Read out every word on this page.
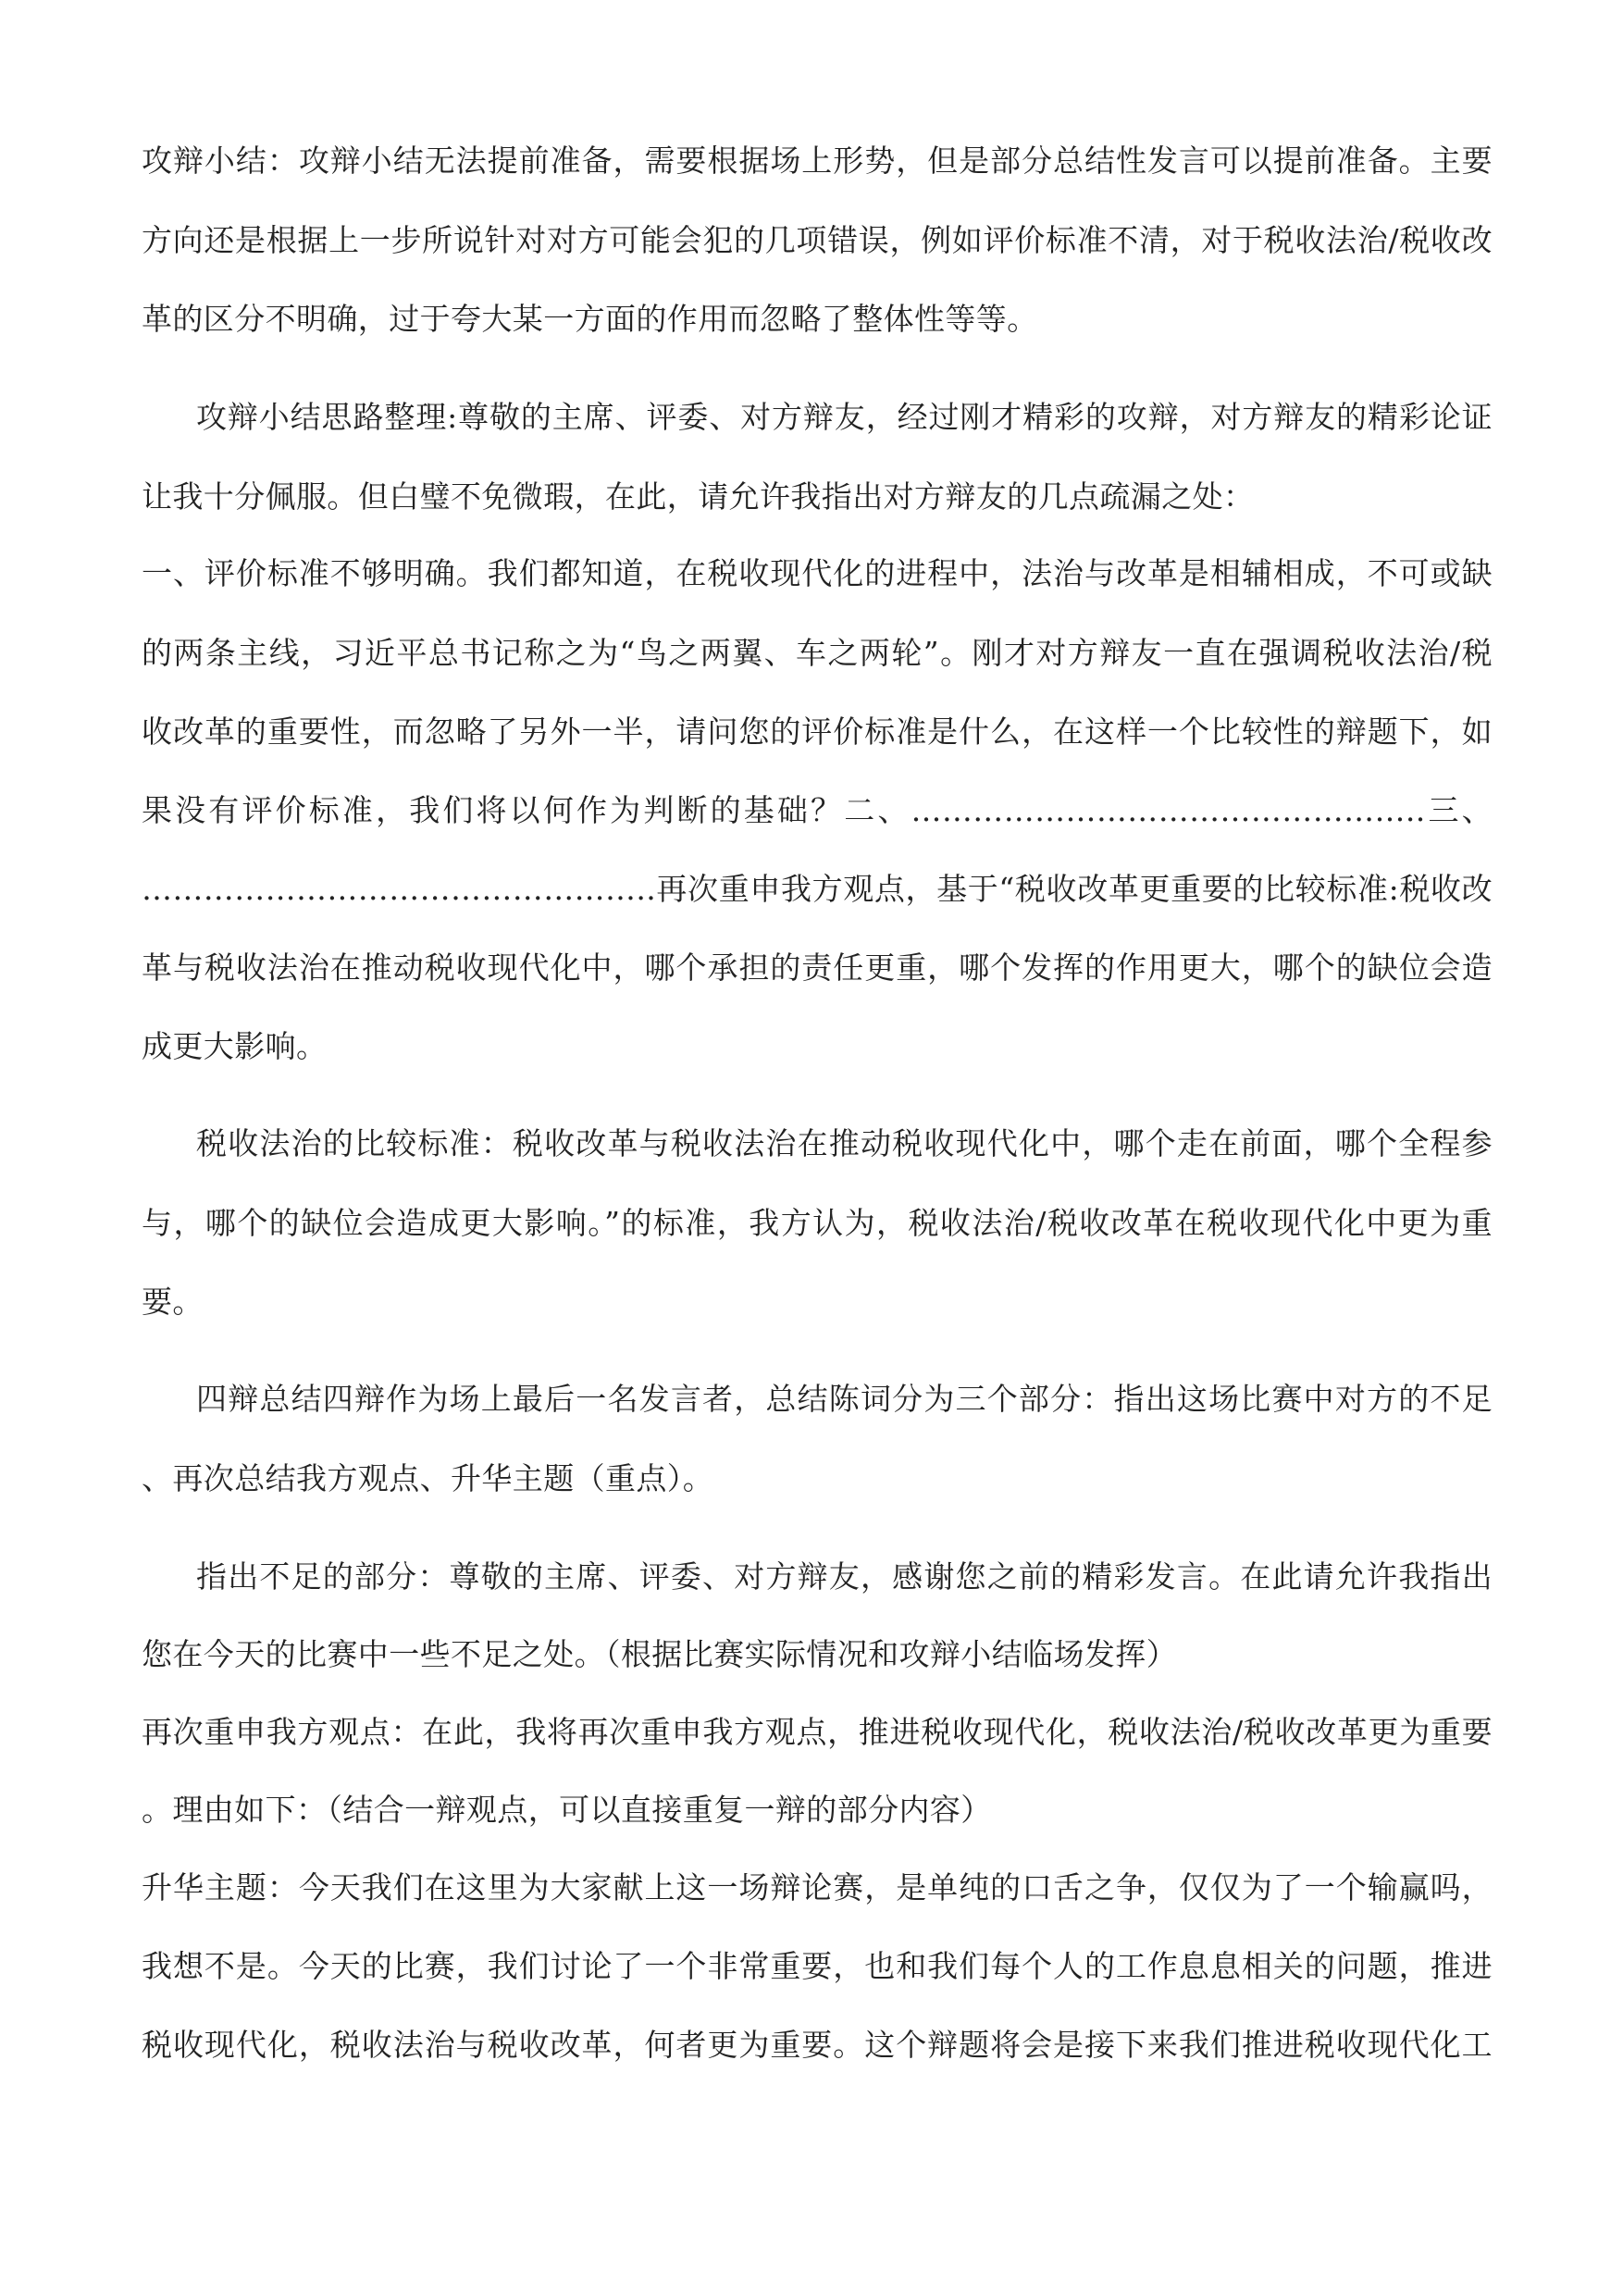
攻辩小结：攻辩小结无法提前准备，需要根据场上形势，但是部分总结性发言可以提前准备。主要

方向还是根据上一步所说针对对方可能会犯的几项错误，例如评价标准不清，对于税收法治/税收改

革的区分不明确，过于夸大某一方面的作用而忽略了整体性等等。

攻辩小结思路整理:尊敬的主席、评委、对方辩友，经过刚才精彩的攻辩，对方辩友的精彩论证

让我十分佩服。但白璧不免微瑕，在此，请允许我指出对方辩友的几点疏漏之处：

一、评价标准不够明确。我们都知道，在税收现代化的进程中，法治与改革是相辅相成，不可或缺

的两条主线，习近平总书记称之为“鸟之两翼、车之两轮”。刚才对方辩友一直在强调税收法治/税

收改革的重要性，而忽略了另外一半，请问您的评价标准是什么，在这样一个比较性的辩题下，如

果没有评价标准，我们将以何作为判断的基础？二、…………………………………………..三、

…………………………………………..再次重申我方观点，基于“税收改革更重要的比较标准:税收改

革与税收法治在推动税收现代化中，哪个承担的责任更重，哪个发挥的作用更大，哪个的缺位会造

成更大影响。

税收法治的比较标准：税收改革与税收法治在推动税收现代化中，哪个走在前面，哪个全程参

与，哪个的缺位会造成更大影响。”的标准，我方认为，税收法治/税收改革在税收现代化中更为重

要。

四辩总结四辩作为场上最后一名发言者，总结陈词分为三个部分：指出这场比赛中对方的不足

、再次总结我方观点、升华主题（重点）。

指出不足的部分：尊敬的主席、评委、对方辩友，感谢您之前的精彩发言。在此请允许我指出

您在今天的比赛中一些不足之处。（根据比赛实际情况和攻辩小结临场发挥）

再次重申我方观点：在此，我将再次重申我方观点，推进税收现代化，税收法治/税收改革更为重要

。理由如下：（结合一辩观点，可以直接重复一辩的部分内容）

升华主题：今天我们在这里为大家献上这一场辩论赛，是单纯的口舌之争，仅仅为了一个输赢吗，

我想不是。今天的比赛，我们讨论了一个非常重要，也和我们每个人的工作息息相关的问题，推进

税收现代化，税收法治与税收改革，何者更为重要。这个辩题将会是接下来我们推进税收现代化工
